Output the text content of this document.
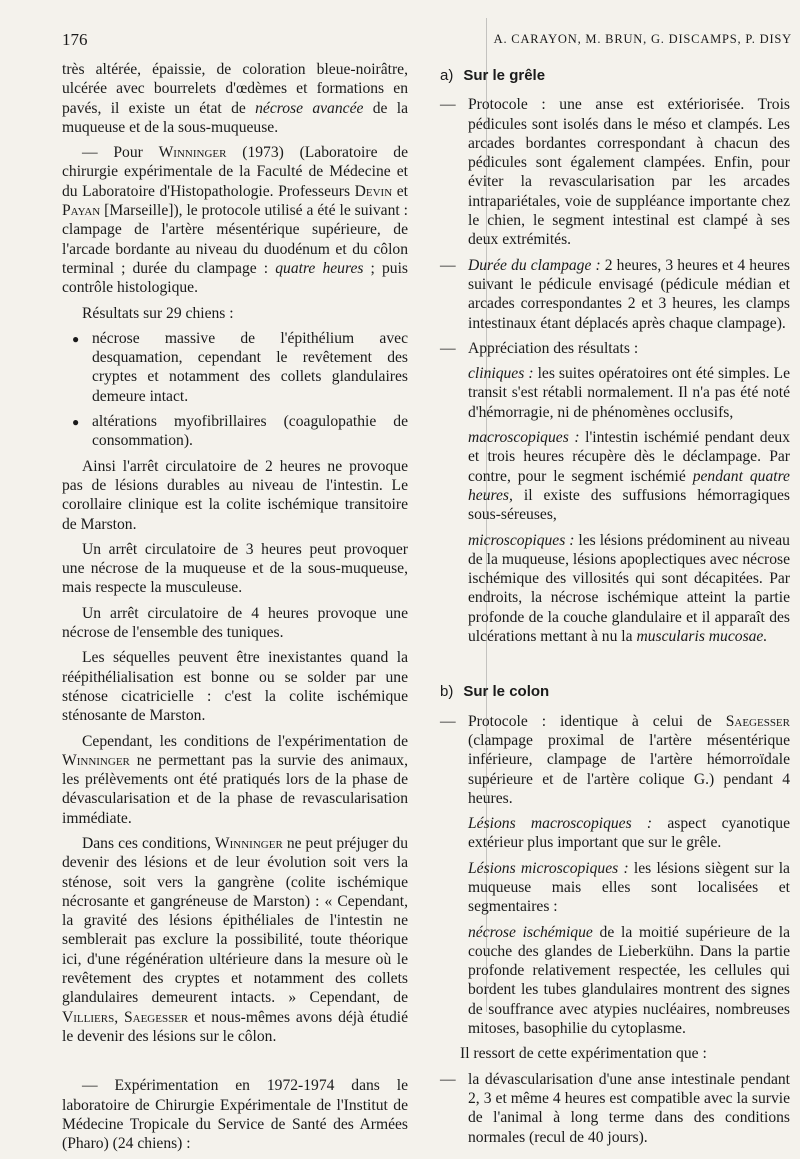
176	A. CARAYON, M. BRUN, G. DISCAMPS, P. DISY

très altérée, épaissie, de coloration bleue-noirâtre, ulcérée avec bourrelets d'œdèmes et formations en pavés, il existe un état de nécrose avancée de la muqueuse et de la sous-muqueuse.

— Pour Winninger (1973) (Laboratoire de chirurgie expérimentale de la Faculté de Médecine et du Laboratoire d'Histopathologie. Professeurs Devin et Payan [Marseille]), le protocole utilisé a été le suivant : clampage de l'artère mésentérique supérieure, de l'arcade bordante au niveau du duodénum et du côlon terminal ; durée du clampage : quatre heures ; puis contrôle histologique.

Résultats sur 29 chiens :

● nécrose massive de l'épithélium avec desquamation, cependant le revêtement des cryptes et notamment des collets glandulaires demeure intact.
● altérations myofibrillaires (coagulopathie de consommation).

Ainsi l'arrêt circulatoire de 2 heures ne provoque pas de lésions durables au niveau de l'intestin. Le corollaire clinique est la colite ischémique transitoire de Marston.

Un arrêt circulatoire de 3 heures peut provoquer une nécrose de la muqueuse et de la sous-muqueuse, mais respecte la musculeuse.

Un arrêt circulatoire de 4 heures provoque une nécrose de l'ensemble des tuniques.

Les séquelles peuvent être inexistantes quand la réépithélialisation est bonne ou se solder par une sténose cicatricielle : c'est la colite ischémique sténosante de Marston.

Cependant, les conditions de l'expérimentation de Winninger ne permettant pas la survie des animaux, les prélèvements ont été pratiqués lors de la phase de dévascularisation et de la phase de revascularisation immédiate.

Dans ces conditions, Winninger ne peut préjuger du devenir des lésions et de leur évolution soit vers la sténose, soit vers la gangrène (colite ischémique nécrosante et gangréneuse de Marston) : « Cependant, la gravité des lésions épithéliales de l'intestin ne semblerait pas exclure la possibilité, toute théorique ici, d'une régénération ultérieure dans la mesure où le revêtement des cryptes et notamment des collets glandulaires demeurent intacts. » Cependant, de Villiers, Saegesser et nous-mêmes avons déjà étudié le devenir des lésions sur le côlon.

— Expérimentation en 1972-1974 dans le laboratoire de Chirurgie Expérimentale de l'Institut de Médecine Tropicale du Service de Santé des Armées (Pharo) (24 chiens) :

a) Sur le grêle

— Protocole : une anse est extériorisée. Trois pédicules sont isolés dans le méso et clampés. Les arcades bordantes correspondant à chacun des pédicules sont également clampées. Enfin, pour éviter la revascularisation par les arcades intrapariétales, voie de suppléance importante chez le chien, le segment intestinal est clampé à ses deux extrémités.

— Durée du clampage : 2 heures, 3 heures et 4 heures suivant le pédicule envisagé (pédicule médian et arcades correspondantes 2 et 3 heures, les clamps intestinaux étant déplacés après chaque clampage).

— Appréciation des résultats :

cliniques : les suites opératoires ont été simples. Le transit s'est rétabli normalement. Il n'a pas été noté d'hémorragie, ni de phénomènes occlusifs,

macroscopiques : l'intestin ischémié pendant deux et trois heures récupère dès le déclampage. Par contre, pour le segment ischémié pendant quatre heures, il existe des suffusions hémorragiques sous-séreuses,

microscopiques : les lésions prédominent au niveau de la muqueuse, lésions apoplectiques avec nécrose ischémique des villosités qui sont décapitées. Par endroits, la nécrose ischémique atteint la partie profonde de la couche glandulaire et il apparaît des ulcérations mettant à nu la muscularis mucosae.

b) Sur le colon

— Protocole : identique à celui de Saegesser (clampage proximal de l'artère mésentérique inférieure, clampage de l'artère hémorroïdale supérieure et de l'artère colique G.) pendant 4 heures.

Lésions macroscopiques : aspect cyanotique extérieur plus important que sur le grêle.

Lésions microscopiques : les lésions siègent sur la muqueuse mais elles sont localisées et segmentaires :

nécrose ischémique de la moitié supérieure de la couche des glandes de Lieberkühn. Dans la partie profonde relativement respectée, les cellules qui bordent les tubes glandulaires montrent des signes de souffrance avec atypies nucléaires, nombreuses mitoses, basophilie du cytoplasme.

Il ressort de cette expérimentation que :

— la dévascularisation d'une anse intestinale pendant 2, 3 et même 4 heures est compatible avec la survie de l'animal à long terme dans des conditions normales (recul de 40 jours).
